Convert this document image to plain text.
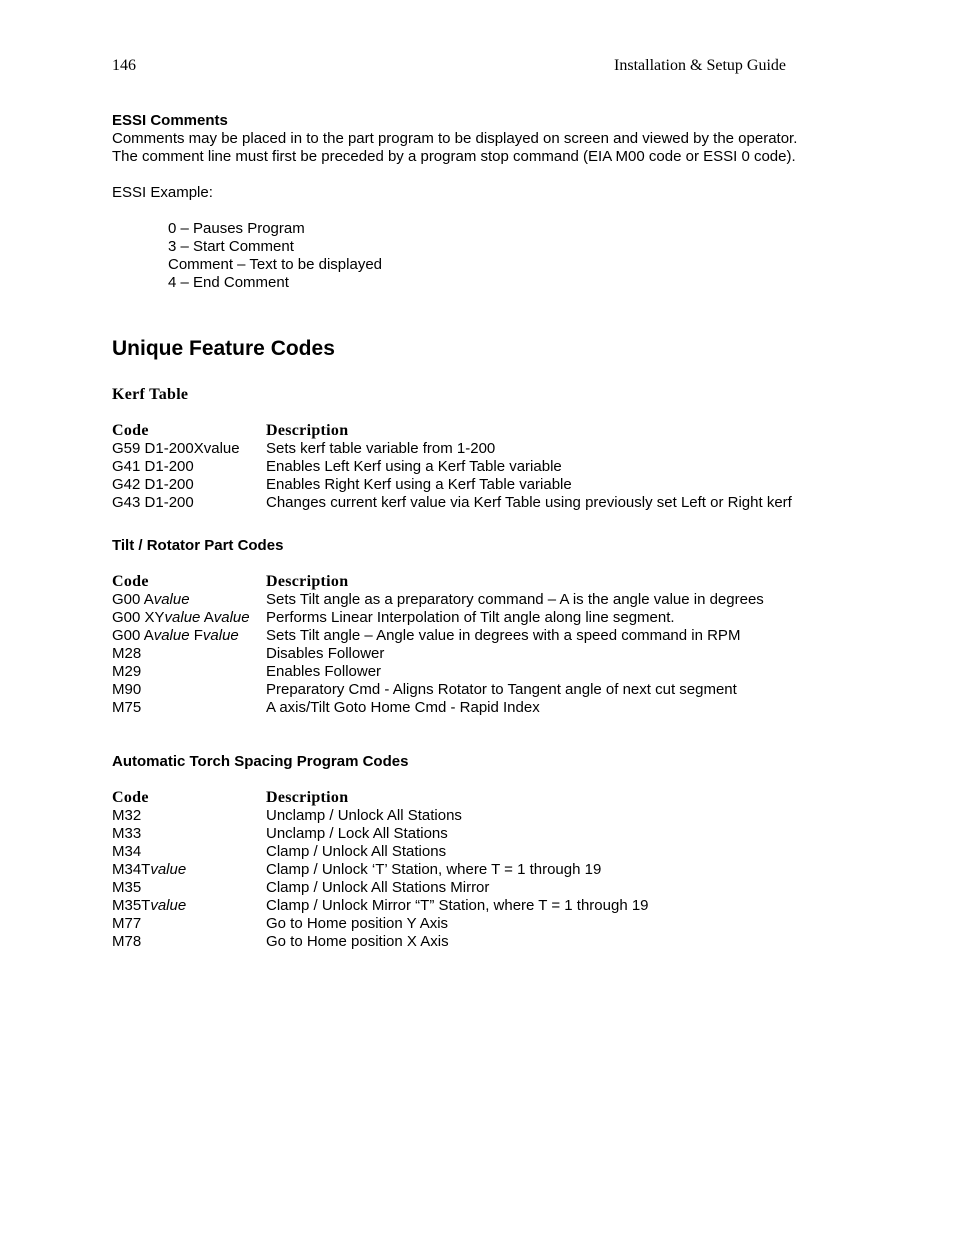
146	Installation & Setup Guide

ESSI Comments

Comments may be placed in to the part program to be displayed on screen and viewed by the operator. The comment line must first be preceded by a program stop command (EIA M00 code or ESSI 0 code).

ESSI Example:

0 – Pauses Program

3 – Start Comment

Comment – Text to be displayed

4 – End Comment

Unique Feature Codes

Kerf Table

Code	Description
G59 D1-200Xvalue	Sets kerf table variable from 1-200
G41 D1-200	Enables Left Kerf using a Kerf Table variable
G42 D1-200	Enables Right Kerf using a Kerf Table variable
G43 D1-200	Changes current kerf value via Kerf Table using previously set Left or Right kerf

Tilt / Rotator Part Codes

Code	Description
G00 Avalue	Sets Tilt angle as a preparatory command – A is the angle value in degrees
G00 XYvalue Avalue	Performs Linear Interpolation of Tilt angle along line segment.
G00 Avalue Fvalue	Sets Tilt angle – Angle value in degrees with a speed command in RPM
M28	Disables Follower
M29	Enables Follower
M90	Preparatory Cmd - Aligns Rotator to Tangent angle of next cut segment
M75	A axis/Tilt Goto Home Cmd - Rapid Index

Automatic Torch Spacing Program Codes

Code	Description
M32	Unclamp / Unlock All Stations
M33	Unclamp / Lock All Stations
M34	Clamp / Unlock All Stations
M34Tvalue	Clamp / Unlock ‘T’ Station, where T = 1 through 19
M35	Clamp / Unlock All Stations Mirror
M35Tvalue	Clamp / Unlock Mirror “T” Station, where T = 1 through 19
M77	Go to Home position Y Axis
M78	Go to Home position X Axis
